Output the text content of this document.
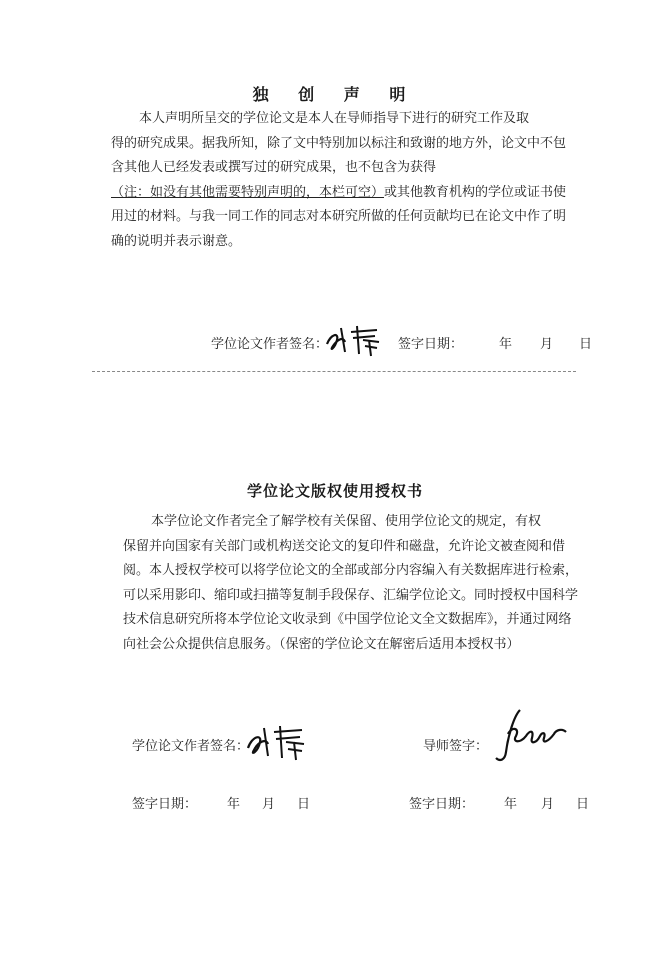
独 创 声 明
本人声明所呈交的学位论文是本人在导师指导下进行的研究工作及取
得的研究成果。据我所知，除了文中特别加以标注和致谢的地方外，论文中不包
含其他人已经发表或撰写过的研究成果，也不包含为获得
（注：如没有其他需要特别声明的，本栏可空）或其他教育机构的学位或证书使
用过的材料。与我一同工作的同志对本研究所做的任何贡献均已在论文中作了明
确的说明并表示谢意。
学位论文作者签名：	签字日期：	年 月 日
学位论文版权使用授权书
本学位论文作者完全了解学校有关保留、使用学位论文的规定，有权
保留并向国家有关部门或机构送交论文的复印件和磁盘，允许论文被查阅和借
阅。本人授权学校可以将学位论文的全部或部分内容编入有关数据库进行检索，
可以采用影印、缩印或扫描等复制手段保存、汇编学位论文。同时授权中国科学
技术信息研究所将本学位论文收录到《中国学位论文全文数据库》，并通过网络
向社会公众提供信息服务。（保密的学位论文在解密后适用本授权书）
学位论文作者签名：	导师签字：
签字日期： 年 月 日	签字日期： 年 月 日
